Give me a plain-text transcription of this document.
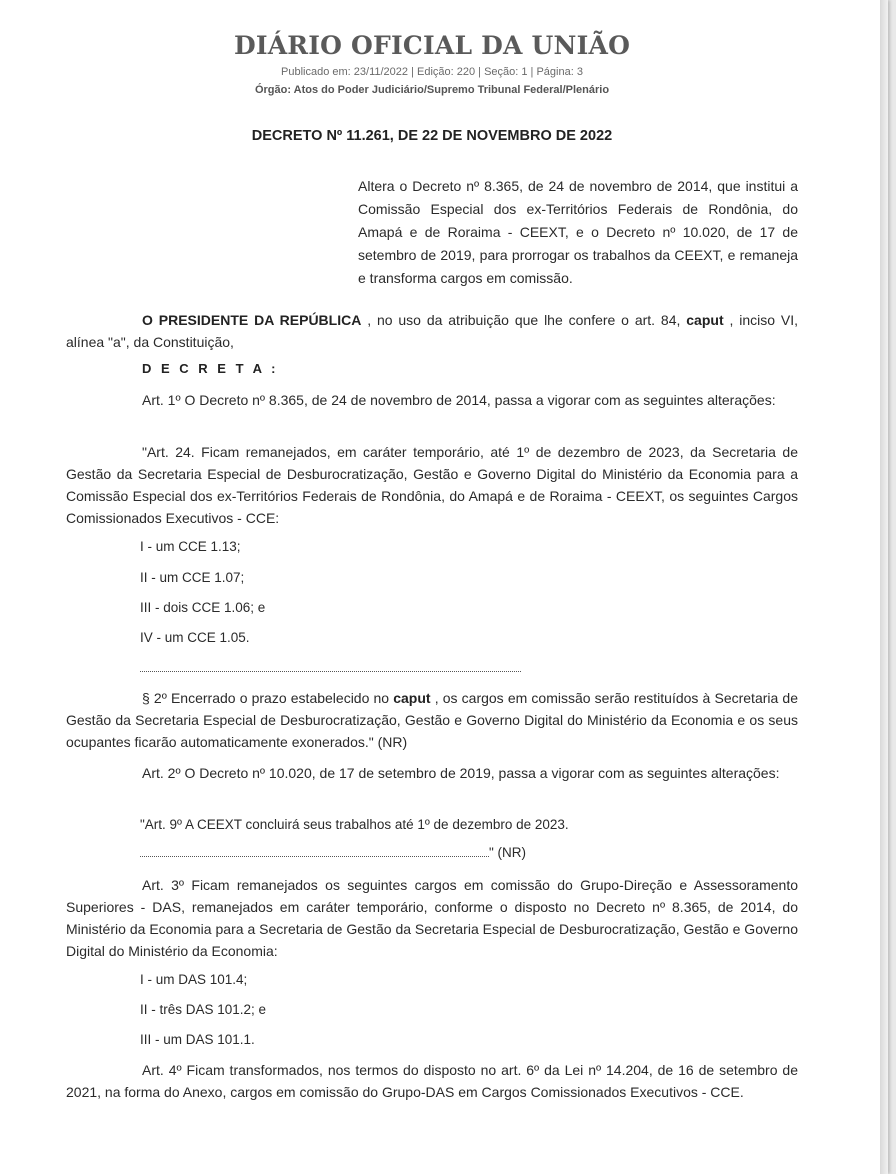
DIÁRIO OFICIAL DA UNIÃO
Publicado em: 23/11/2022 | Edição: 220 | Seção: 1 | Página: 3
Órgão: Atos do Poder Judiciário/Supremo Tribunal Federal/Plenário
DECRETO Nº 11.261, DE 22 DE NOVEMBRO DE 2022
Altera o Decreto nº 8.365, de 24 de novembro de 2014, que institui a Comissão Especial dos ex-Territórios Federais de Rondônia, do Amapá e de Roraima - CEEXT, e o Decreto nº 10.020, de 17 de setembro de 2019, para prorrogar os trabalhos da CEEXT, e remaneja e transforma cargos em comissão.
O PRESIDENTE DA REPÚBLICA , no uso da atribuição que lhe confere o art. 84, caput , inciso VI, alínea "a", da Constituição,
D E C R E T A :
Art. 1º O Decreto nº 8.365, de 24 de novembro de 2014, passa a vigorar com as seguintes alterações:
"Art. 24. Ficam remanejados, em caráter temporário, até 1º de dezembro de 2023, da Secretaria de Gestão da Secretaria Especial de Desburocratização, Gestão e Governo Digital do Ministério da Economia para a Comissão Especial dos ex-Territórios Federais de Rondônia, do Amapá e de Roraima - CEEXT, os seguintes Cargos Comissionados Executivos - CCE:
I - um CCE 1.13;
II - um CCE 1.07;
III - dois CCE 1.06; e
IV - um CCE 1.05.
§ 2º Encerrado o prazo estabelecido no caput , os cargos em comissão serão restituídos à Secretaria de Gestão da Secretaria Especial de Desburocratização, Gestão e Governo Digital do Ministério da Economia e os seus ocupantes ficarão automaticamente exonerados." (NR)
Art. 2º O Decreto nº 10.020, de 17 de setembro de 2019, passa a vigorar com as seguintes alterações:
"Art. 9º A CEEXT concluirá seus trabalhos até 1º de dezembro de 2023.
" (NR)
Art. 3º Ficam remanejados os seguintes cargos em comissão do Grupo-Direção e Assessoramento Superiores - DAS, remanejados em caráter temporário, conforme o disposto no Decreto nº 8.365, de 2014, do Ministério da Economia para a Secretaria de Gestão da Secretaria Especial de Desburocratização, Gestão e Governo Digital do Ministério da Economia:
I - um DAS 101.4;
II - três DAS 101.2; e
III - um DAS 101.1.
Art. 4º Ficam transformados, nos termos do disposto no art. 6º da Lei nº 14.204, de 16 de setembro de 2021, na forma do Anexo, cargos em comissão do Grupo-DAS em Cargos Comissionados Executivos - CCE.
